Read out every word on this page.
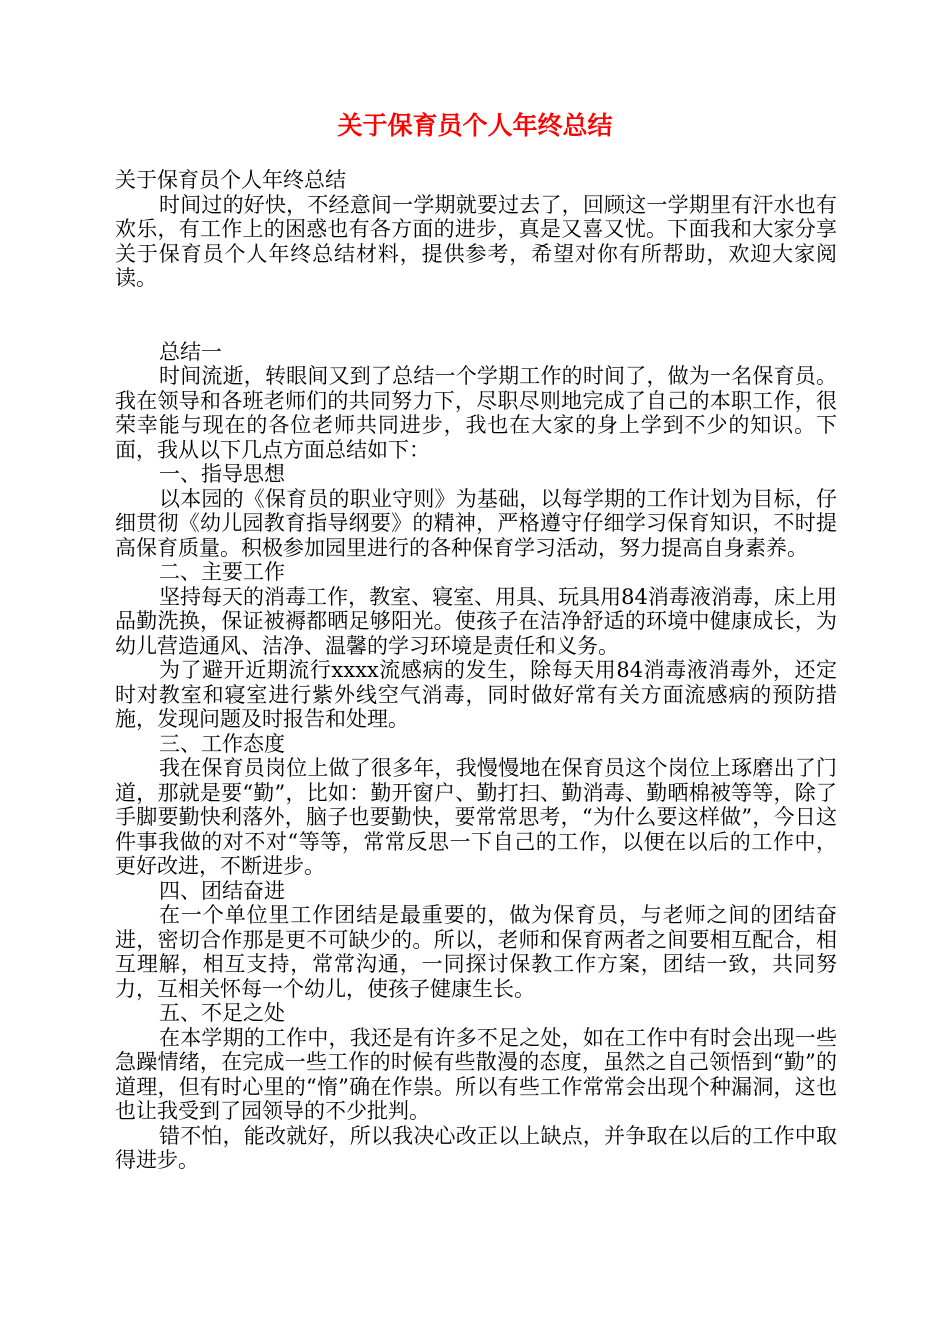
关于保育员个人年终总结

关于保育员个人年终总结

时间过的好快，不经意间一学期就要过去了，回顾这一学期里有汗水也有欢乐，有工作上的困惑也有各方面的进步，真是又喜又忧。下面我和大家分享关于保育员个人年终总结材料，提供参考，希望对你有所帮助，欢迎大家阅读。

总结一

时间流逝，转眼间又到了总结一个学期工作的时间了，做为一名保育员。我在领导和各班老师们的共同努力下，尽职尽则地完成了自己的本职工作，很荣幸能与现在的各位老师共同进步，我也在大家的身上学到不少的知识。下面，我从以下几点方面总结如下：

一、指导思想

以本园的《保育员的职业守则》为基础，以每学期的工作计划为目标，仔细贯彻《幼儿园教育指导纲要》的精神，严格遵守仔细学习保育知识，不时提高保育质量。积极参加园里进行的各种保育学习活动，努力提高自身素养。

二、主要工作

坚持每天的消毒工作，教室、寝室、用具、玩具用84消毒液消毒，床上用品勤洗换，保证被褥都晒足够阳光。使孩子在洁净舒适的环境中健康成长，为幼儿营造通风、洁净、温馨的学习环境是责任和义务。

为了避开近期流行xxxx流感病的发生，除每天用84消毒液消毒外，还定时对教室和寝室进行紫外线空气消毒，同时做好常有关方面流感病的预防措施，发现问题及时报告和处理。

三、工作态度

我在保育员岗位上做了很多年，我慢慢地在保育员这个岗位上琢磨出了门道，那就是要“勤”，比如：勤开窗户、勤打扫、勤消毒、勤晒棉被等等，除了手脚要勤快利落外，脑子也要勤快，要常常思考，“为什么要这样做”，今日这件事我做的对不对“等等，常常反思一下自己的工作，以便在以后的工作中，更好改进，不断进步。

四、团结奋进

在一个单位里工作团结是最重要的，做为保育员，与老师之间的团结奋进，密切合作那是更不可缺少的。所以，老师和保育两者之间要相互配合，相互理解，相互支持，常常沟通，一同探讨保教工作方案，团结一致，共同努力，互相关怀每一个幼儿，使孩子健康生长。

五、不足之处

在本学期的工作中，我还是有许多不足之处，如在工作中有时会出现一些急躁情绪，在完成一些工作的时候有些散漫的态度，虽然之自己领悟到“勤”的道理，但有时心里的“惰”确在作祟。所以有些工作常常会出现个种漏洞，这也也让我受到了园领导的不少批判。

错不怕，能改就好，所以我决心改正以上缺点，并争取在以后的工作中取得进步。
